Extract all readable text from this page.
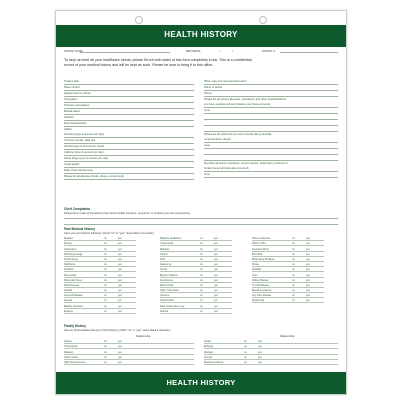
HEALTH HISTORY
PATIENT NAME	BIRTHDATE	/	/	PATIENT #
To help us meet all your healthcare needs, please fill out both sides of this form completely in ink. This is a confidential
record of your medical history and will be kept as such. Please be sure to bring it to this office.
Today's date
Place of birth
Highest level in school
Occupation
Previous occupations
Marital status
Hobbies
Exercise/recreation
Habits:
Smoking (type & amount per day)
If former smoker, date quit
Alcohol (type & amount per week)
Caffeine (type & amount per day)
Street drugs (type & amount per day)
Usual weight
Date of last dental exam
Please list all allergies (foods, drugs, environment)
When was your last physical exam?
Name of doctor
Phone
Please list all serious illnesses, operations, and other hospitalizations
you have experienced and indicate year these occurred.
none
Please list all medicines you are currently taking (include
nonprescription drugs)
none
Describe all serious accidents, severe injuries, head injury, fractures or
broken bones (include date occurred)
none
Chief Complaints
Please list (in order of importance) the present health concerns, symptoms, or problems you are experiencing:
Past Medical History
Have you ever had the following: (Circle "no" or "yes", leave blank if uncertain)
Measles	no	yes
Mumps	no	yes
Chickenpox	no	yes
Whooping Cough	no	yes
Scarlet Fever	no	yes
Diphtheria	no	yes
Smallpox	no	yes
Pneumonia	no	yes
Rheumatic Fever	no	yes
Heart Disease	no	yes
Arthritis	no	yes
Venereal Disease	no	yes
Anemia	no	yes
Bladder Infections	no	yes
Epilepsy	no	yes
Migraine headaches	no	yes
Tuberculosis	no	yes
Diabetes	no	yes
Cancer	no	yes
Polio	no	yes
Glaucoma	no	yes
Hernia	no	yes
Blood or Plasma	no	yes
transfusions	no	yes
Back trouble	no	yes
High or low blood	no	yes
pressure	no	yes
Hemorrhoids	no	yes
Date of last chest x-ray	no	yes
Asthma	no	yes
Hives or Eczema	no	yes
AIDS or HIV+	no	yes
Infectious Mono	no	yes
Bronchitis	no	yes
Mitral Valve Prolapse	no	yes
Stroke	no	yes
Hepatitis	no	yes
Ulcer	no	yes
Kidney Disease	no	yes
Thyroid Disease	no	yes
Bleeding tendency	no	yes
Any other disease	no	yes
(please list)	no	yes
Family History
Has any blood relative had any of the following: (Circle "no" or "yes", leave blank if uncertain)
Relationship	Relationship
Cancer	no	yes
Tuberculosis	no	yes
Diabetes	no	yes
Heart trouble	no	yes
High blood pressure	no	yes
Stroke	no	yes
Epilepsy	no	yes
Allergies	no	yes
Anemia	no	yes
Bleeding tendency	no	yes
HEALTH HISTORY
